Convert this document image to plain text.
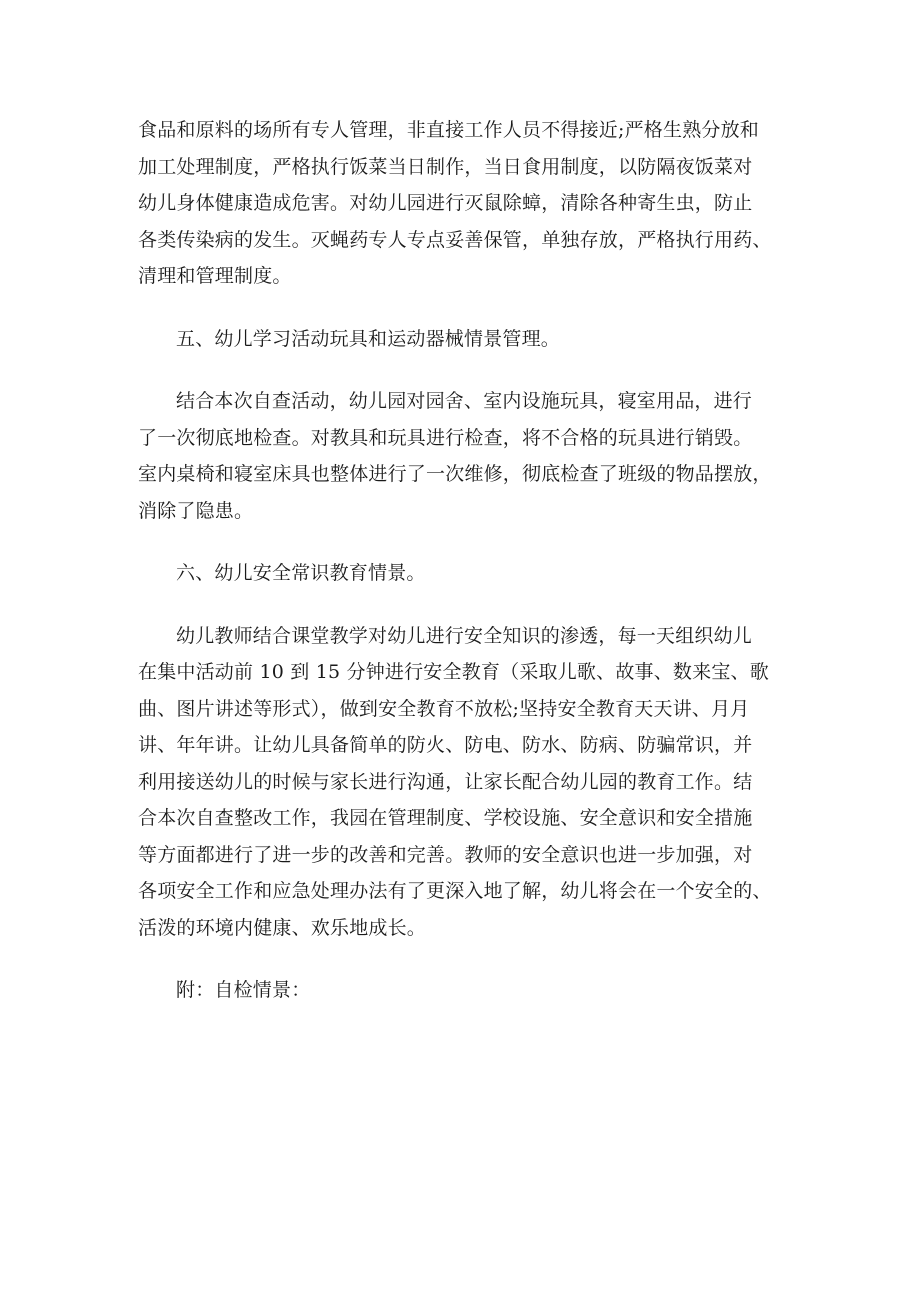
食品和原料的场所有专人管理，非直接工作人员不得接近;严格生熟分放和
加工处理制度，严格执行饭菜当日制作，当日食用制度，以防隔夜饭菜对
幼儿身体健康造成危害。对幼儿园进行灭鼠除蟑，清除各种寄生虫，防止
各类传染病的发生。灭蝇药专人专点妥善保管，单独存放，严格执行用药、
清理和管理制度。

五、幼儿学习活动玩具和运动器械情景管理。

结合本次自查活动，幼儿园对园舍、室内设施玩具，寝室用品，进行
了一次彻底地检查。对教具和玩具进行检查，将不合格的玩具进行销毁。
室内桌椅和寝室床具也整体进行了一次维修，彻底检查了班级的物品摆放，
消除了隐患。

六、幼儿安全常识教育情景。

幼儿教师结合课堂教学对幼儿进行安全知识的渗透，每一天组织幼儿
在集中活动前 10 到 15 分钟进行安全教育（采取儿歌、故事、数来宝、歌
曲、图片讲述等形式），做到安全教育不放松;坚持安全教育天天讲、月月
讲、年年讲。让幼儿具备简单的防火、防电、防水、防病、防骗常识，并
利用接送幼儿的时候与家长进行沟通，让家长配合幼儿园的教育工作。结
合本次自查整改工作，我园在管理制度、学校设施、安全意识和安全措施
等方面都进行了进一步的改善和完善。教师的安全意识也进一步加强，对
各项安全工作和应急处理办法有了更深入地了解，幼儿将会在一个安全的、
活泼的环境内健康、欢乐地成长。

附：自检情景：
